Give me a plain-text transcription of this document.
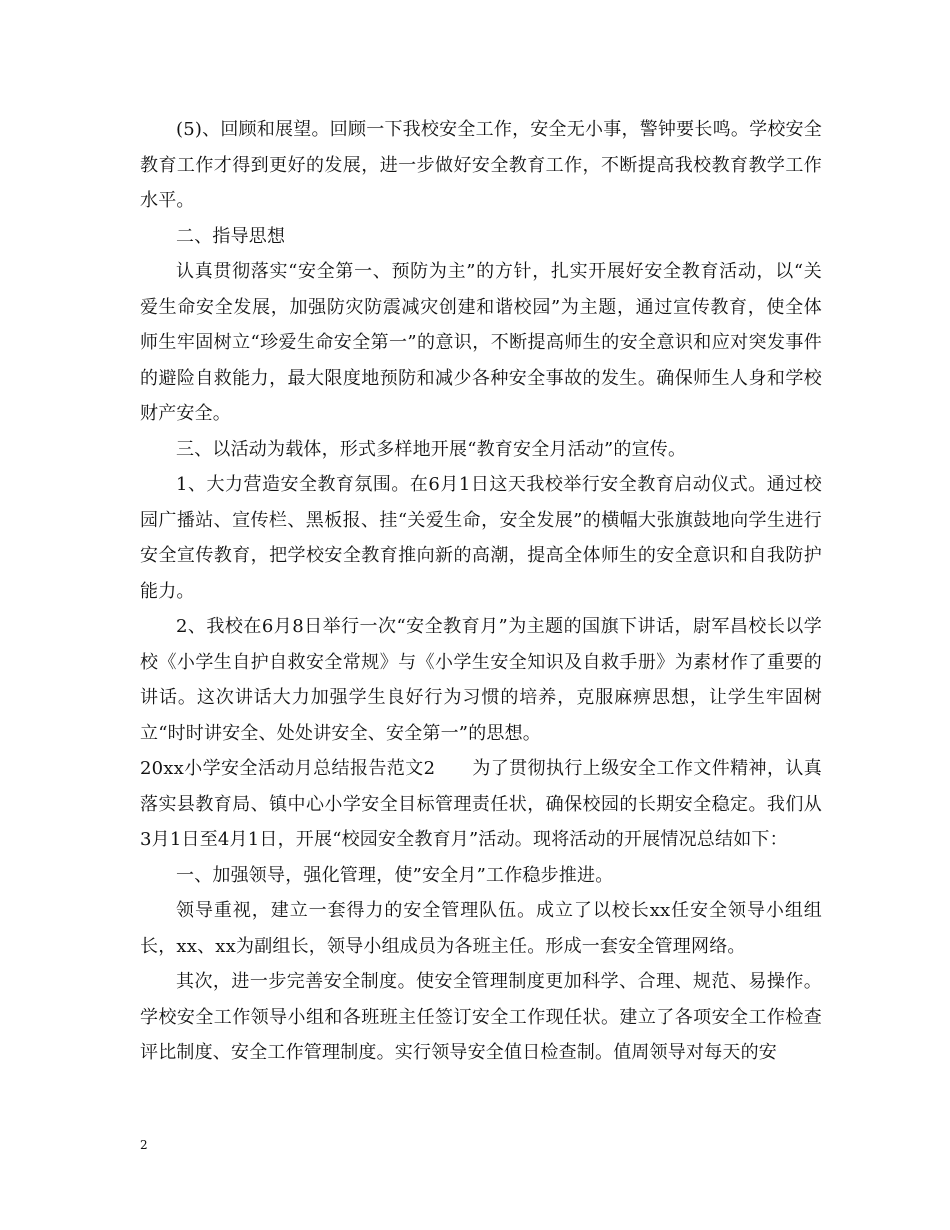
(5)、回顾和展望。回顾一下我校安全工作，安全无小事，警钟要长鸣。学校安全教育工作才得到更好的发展，进一步做好安全教育工作，不断提高我校教育教学工作水平。

二、指导思想

认真贯彻落实“安全第一、预防为主”的方针，扎实开展好安全教育活动，以“关爱生命安全发展，加强防灾防震减灾创建和谐校园”为主题，通过宣传教育，使全体师生牢固树立“珍爱生命安全第一”的意识，不断提高师生的安全意识和应对突发事件的避险自救能力，最大限度地预防和减少各种安全事故的发生。确保师生人身和学校财产安全。

三、以活动为载体，形式多样地开展“教育安全月活动”的宣传。

1、大力营造安全教育氛围。在6月1日这天我校举行安全教育启动仪式。通过校园广播站、宣传栏、黑板报、挂“关爱生命，安全发展”的横幅大张旗鼓地向学生进行安全宣传教育，把学校安全教育推向新的高潮，提高全体师生的安全意识和自我防护能力。

2、我校在6月8日举行一次“安全教育月”为主题的国旗下讲话，尉军昌校长以学校《小学生自护自救安全常规》与《小学生安全知识及自救手册》为素材作了重要的讲话。这次讲话大力加强学生良好行为习惯的培养，克服麻痹思想，让学生牢固树立“时时讲安全、处处讲安全、安全第一”的思想。

20xx小学安全活动月总结报告范文2　　为了贯彻执行上级安全工作文件精神，认真落实县教育局、镇中心小学安全目标管理责任状，确保校园的长期安全稳定。我们从3月1日至4月1日，开展“校园安全教育月”活动。现将活动的开展情况总结如下：

一、加强领导，强化管理，使”安全月”工作稳步推进。

领导重视，建立一套得力的安全管理队伍。成立了以校长xx任安全领导小组组长，xx、xx为副组长，领导小组成员为各班主任。形成一套安全管理网络。

其次，进一步完善安全制度。使安全管理制度更加科学、合理、规范、易操作。学校安全工作领导小组和各班班主任签订安全工作现任状。建立了各项安全工作检查评比制度、安全工作管理制度。实行领导安全值日检查制。值周领导对每天的安

2
